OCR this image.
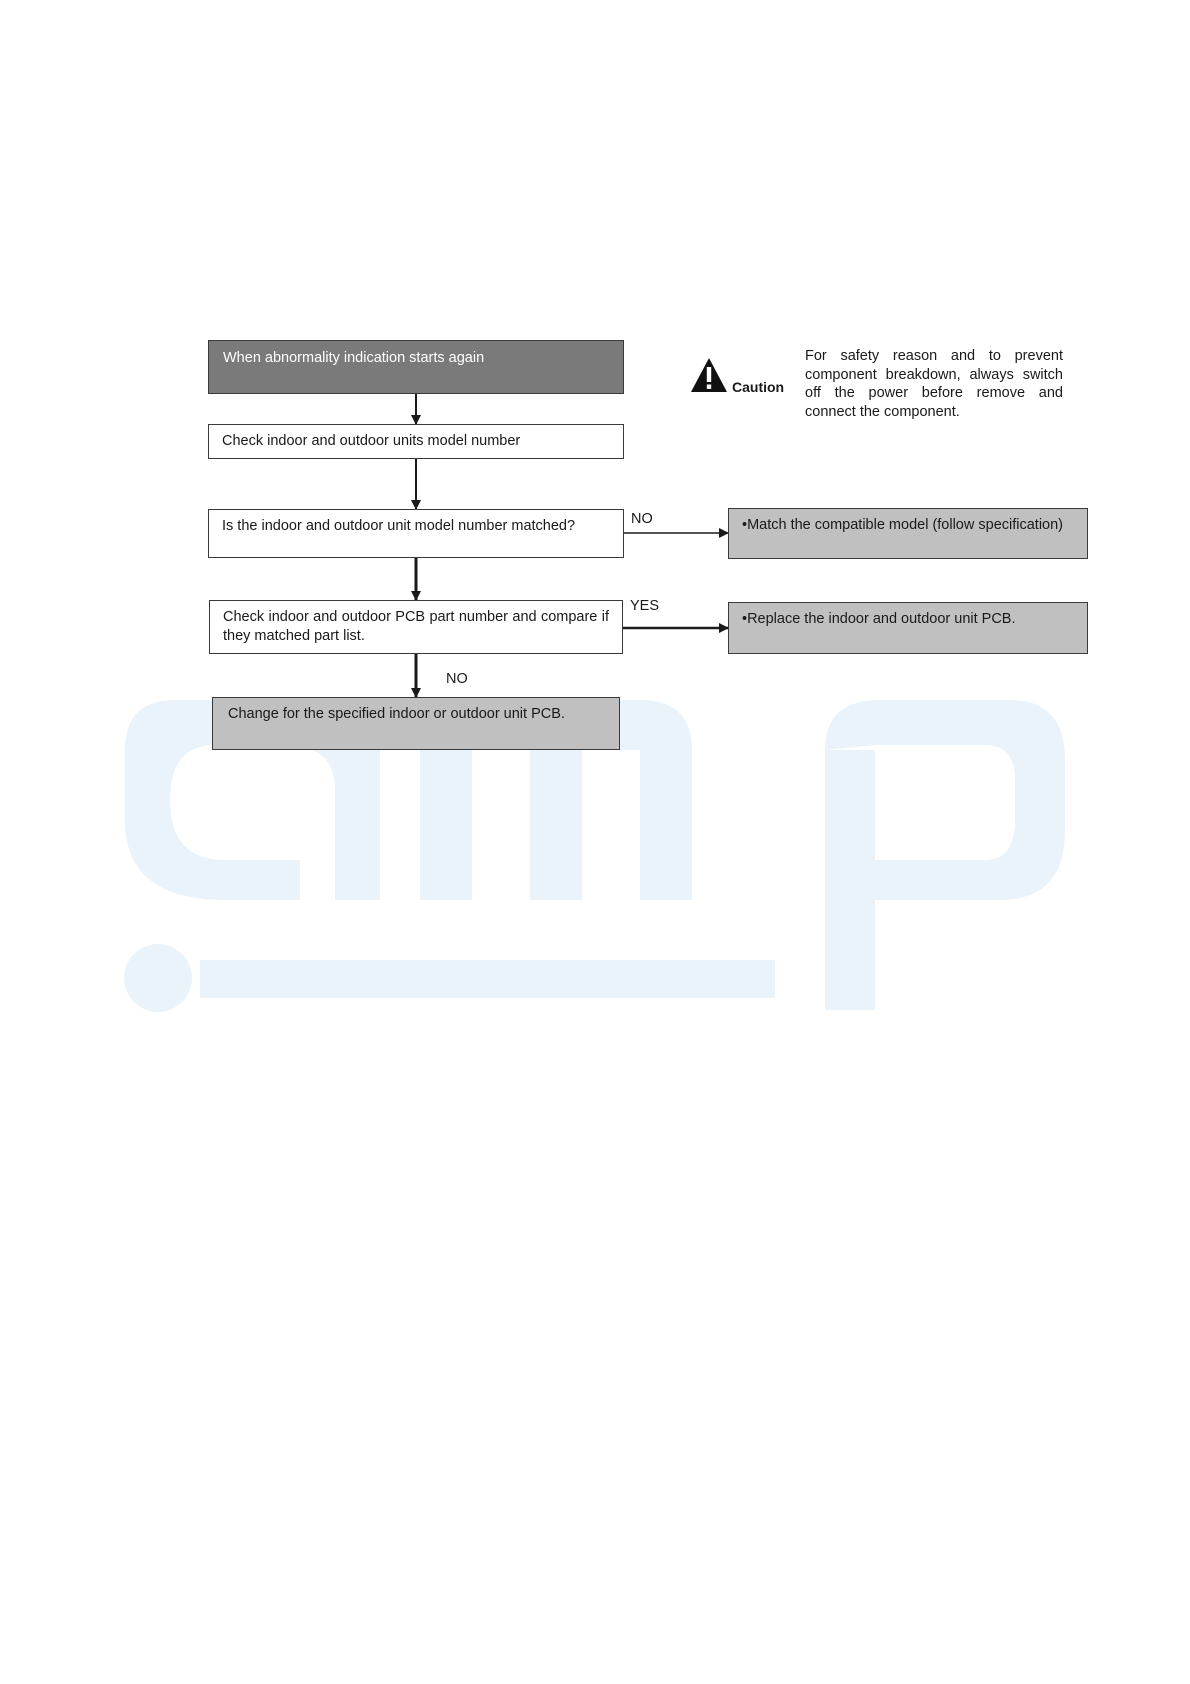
When abnormality indication starts again
Check indoor and outdoor units model number
Is the indoor and outdoor unit model number matched?	•Match the compatible model (follow specification)
Check indoor and outdoor PCB part number and compare if they matched part list.
•Replace the indoor and outdoor unit PCB.
Change for the specified indoor or outdoor unit PCB.
NO
YES
NO
Caution
For safety reason and to prevent component breakdown, always switch off the power before remove and connect the component.
